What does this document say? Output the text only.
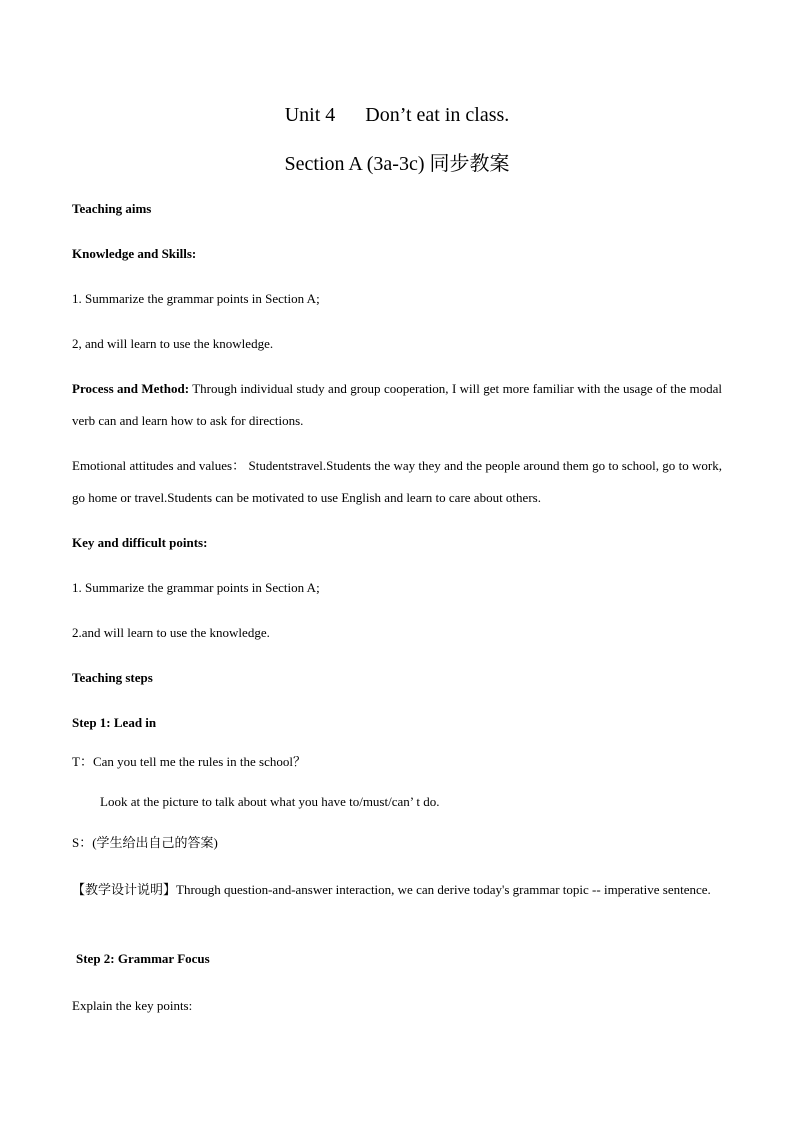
Unit 4 Don’t eat in class.
Section A (3a-3c) 同步教案
Teaching aims
Knowledge and Skills:
1. Summarize the grammar points in Section A;
2, and will learn to use the knowledge.
Process and Method: Through individual study and group cooperation, I will get more familiar with the usage of the modal verb can and learn how to ask for directions.
Emotional attitudes and values： Studentstravel.Students the way they and the people around them go to school, go to work, go home or travel.Students can be motivated to use English and learn to care about others.
Key and difficult points:
1. Summarize the grammar points in Section A;
2.and will learn to use the knowledge.
Teaching steps
Step 1: Lead in
T：Can you tell me the rules in the school？
Look at the picture to talk about what you have to/must/can’ t do.
S：(学生给出自己的答案)
【教学设计说明】Through question-and-answer interaction, we can derive today's grammar topic -- imperative sentence.
Step 2: Grammar Focus
Explain the key points:
